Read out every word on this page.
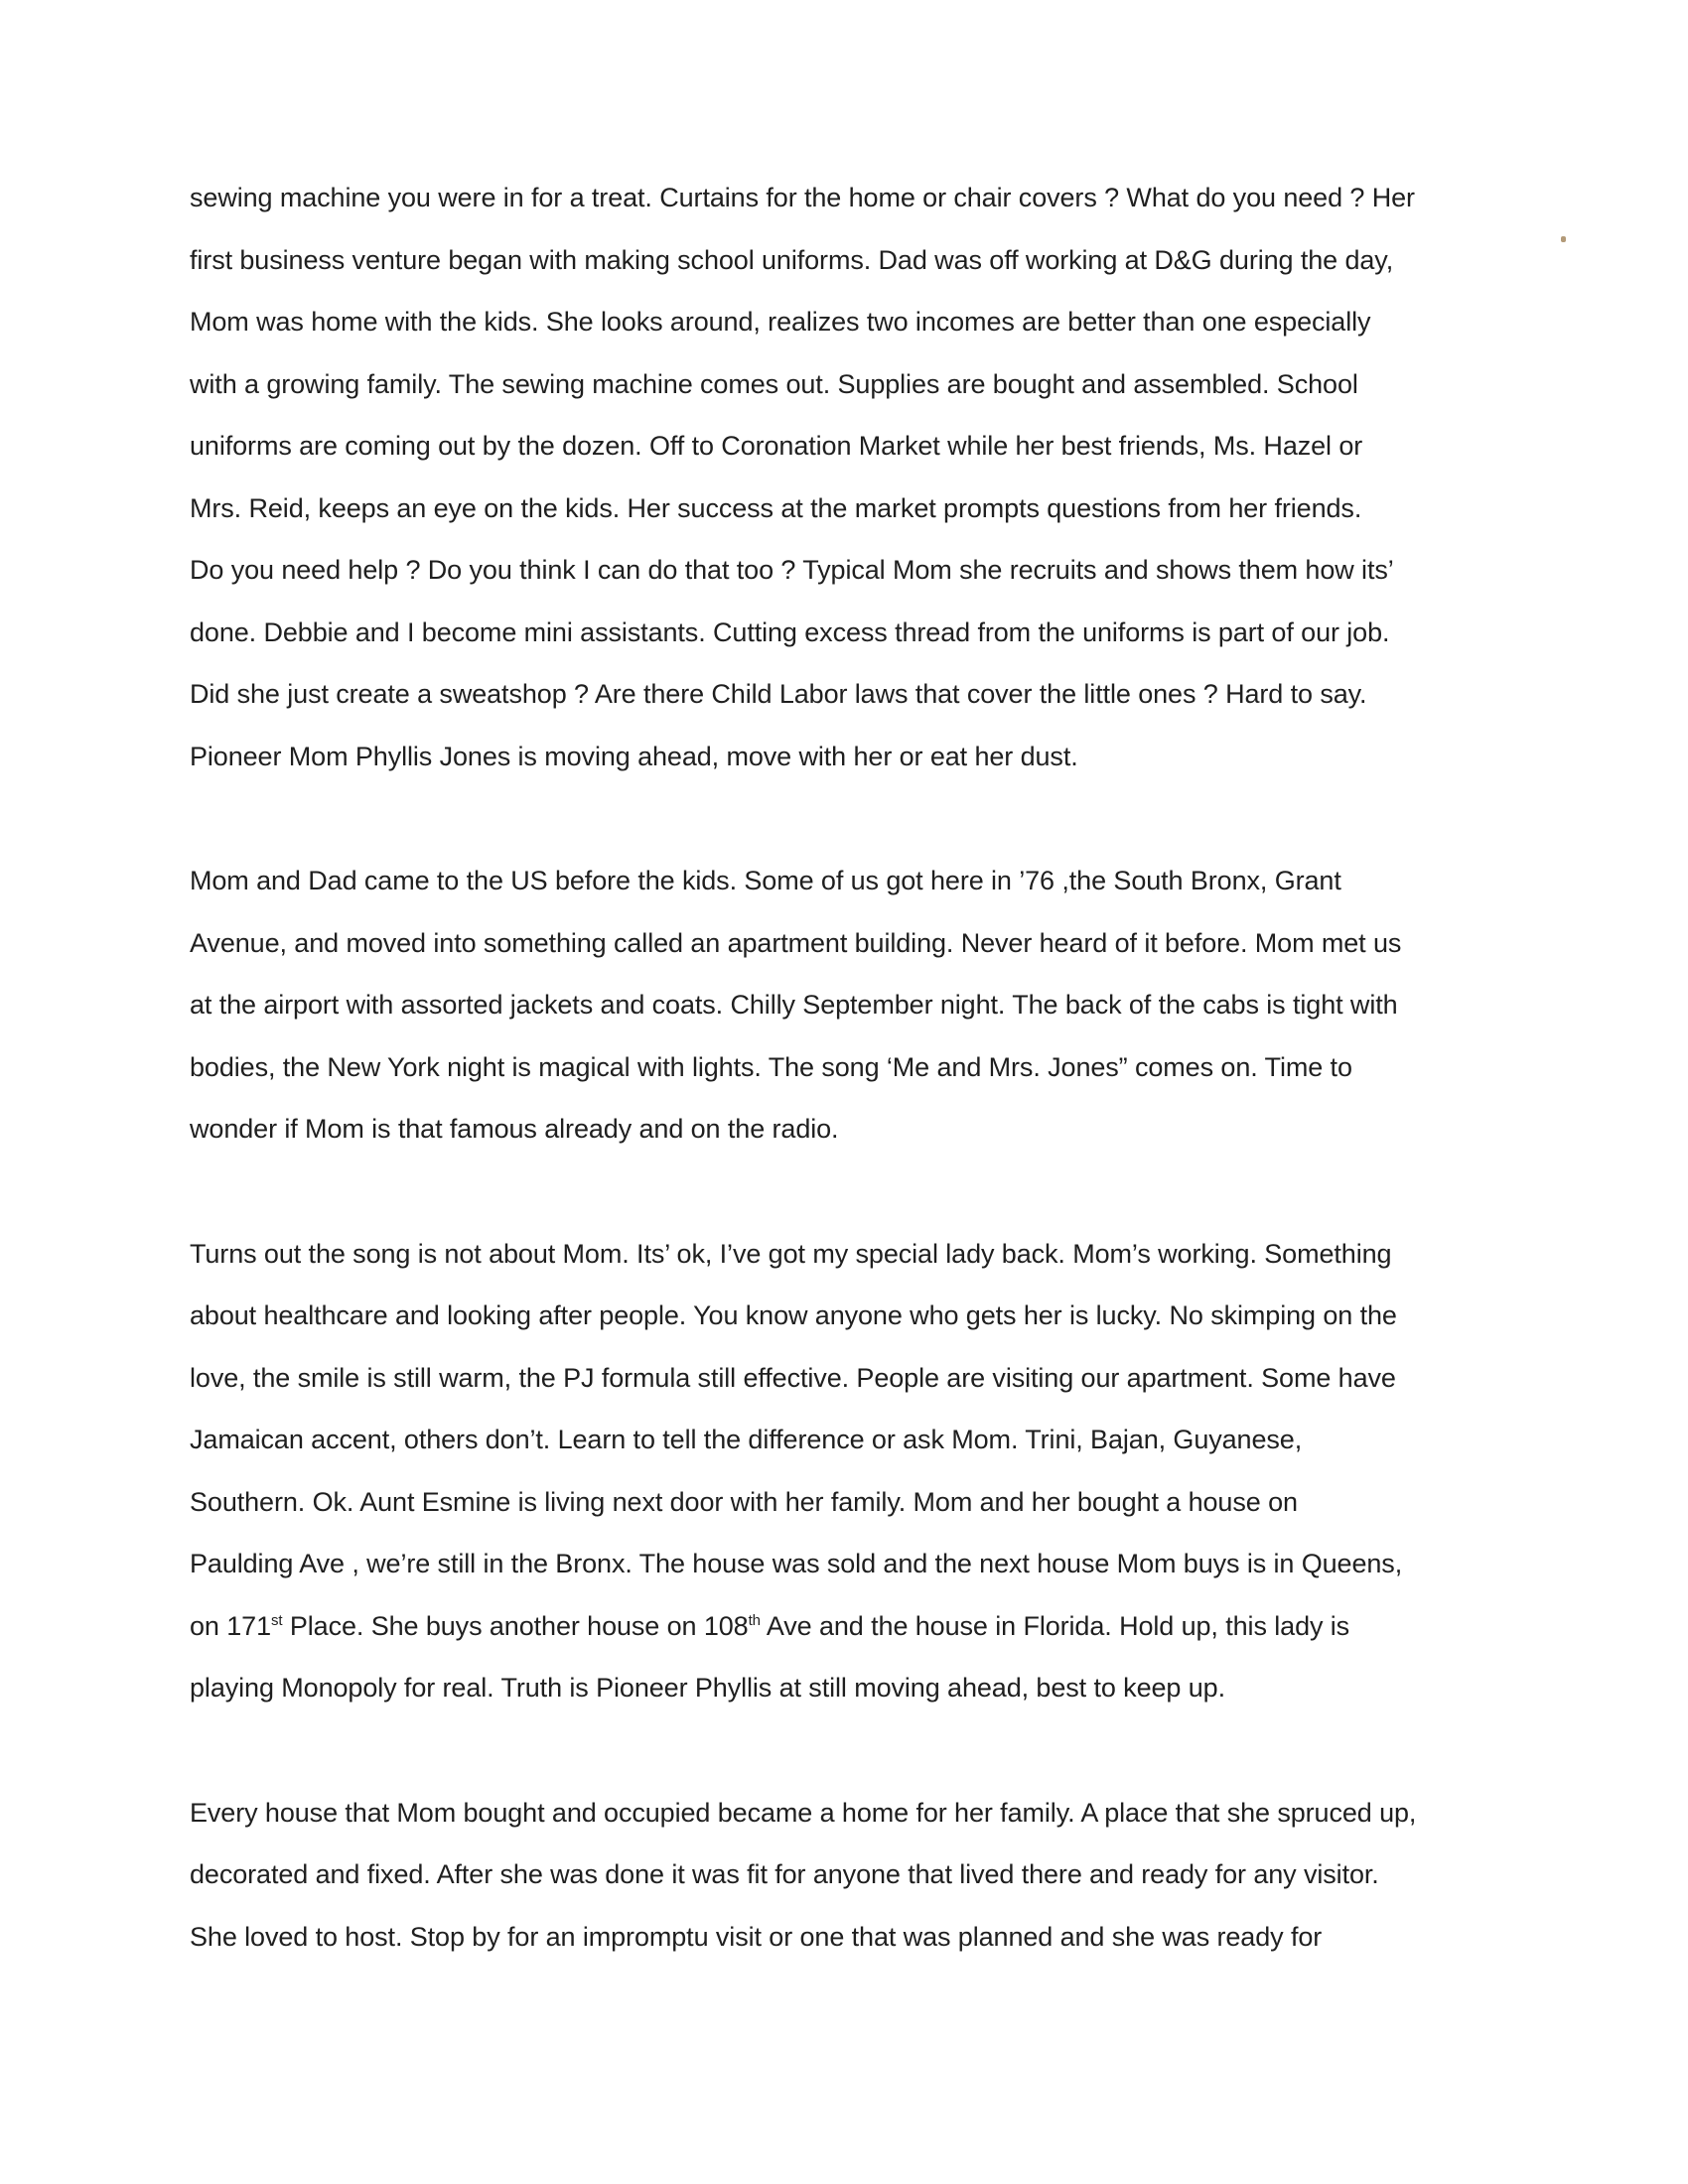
sewing machine you were in for a treat. Curtains for the home or chair covers ? What do you need ? Her
first business venture began with making school uniforms. Dad was off working at D&G during the day,
Mom was home with the kids. She looks around, realizes two incomes are better than one especially
with a growing family. The sewing machine comes out. Supplies are bought and assembled. School
uniforms are coming out by the dozen. Off to Coronation Market while her best friends, Ms. Hazel or
Mrs. Reid, keeps an eye on the kids. Her success at the market prompts questions from her friends.
Do you need help ? Do you think I can do that too ? Typical Mom she recruits and shows them how its’
done. Debbie and I become mini assistants. Cutting excess thread from the uniforms is part of our job.
Did she just create a sweatshop ? Are there Child Labor laws that cover the little ones ? Hard to say.
Pioneer Mom Phyllis Jones is moving ahead, move with her or eat her dust.

Mom and Dad came to the US before the kids. Some of us got here in ’76 ,the South Bronx, Grant
Avenue, and moved into something called an apartment building. Never heard of it before. Mom met us
at the airport with assorted jackets and coats. Chilly September night. The back of the cabs is tight with
bodies, the New York night is magical with lights. The song ‘Me and Mrs. Jones” comes on. Time to
wonder if Mom is that famous already and on the radio.

Turns out the song is not about Mom. Its’ ok, I’ve got my special lady back. Mom’s working. Something
about healthcare and looking after people. You know anyone who gets her is lucky. No skimping on the
love, the smile is still warm, the PJ formula still effective. People are visiting our apartment. Some have
Jamaican accent, others don’t. Learn to tell the difference or ask Mom. Trini, Bajan, Guyanese,
Southern. Ok. Aunt Esmine is living next door with her family. Mom and her bought a house on
Paulding Ave , we’re still in the Bronx. The house was sold and the next house Mom buys is in Queens,
on 171st Place. She buys another house on 108th Ave and the house in Florida. Hold up, this lady is
playing Monopoly for real. Truth is Pioneer Phyllis at still moving ahead, best to keep up.

Every house that Mom bought and occupied became a home for her family. A place that she spruced up,
decorated and fixed. After she was done it was fit for anyone that lived there and ready for any visitor.
She loved to host. Stop by for an impromptu visit or one that was planned and she was ready for
